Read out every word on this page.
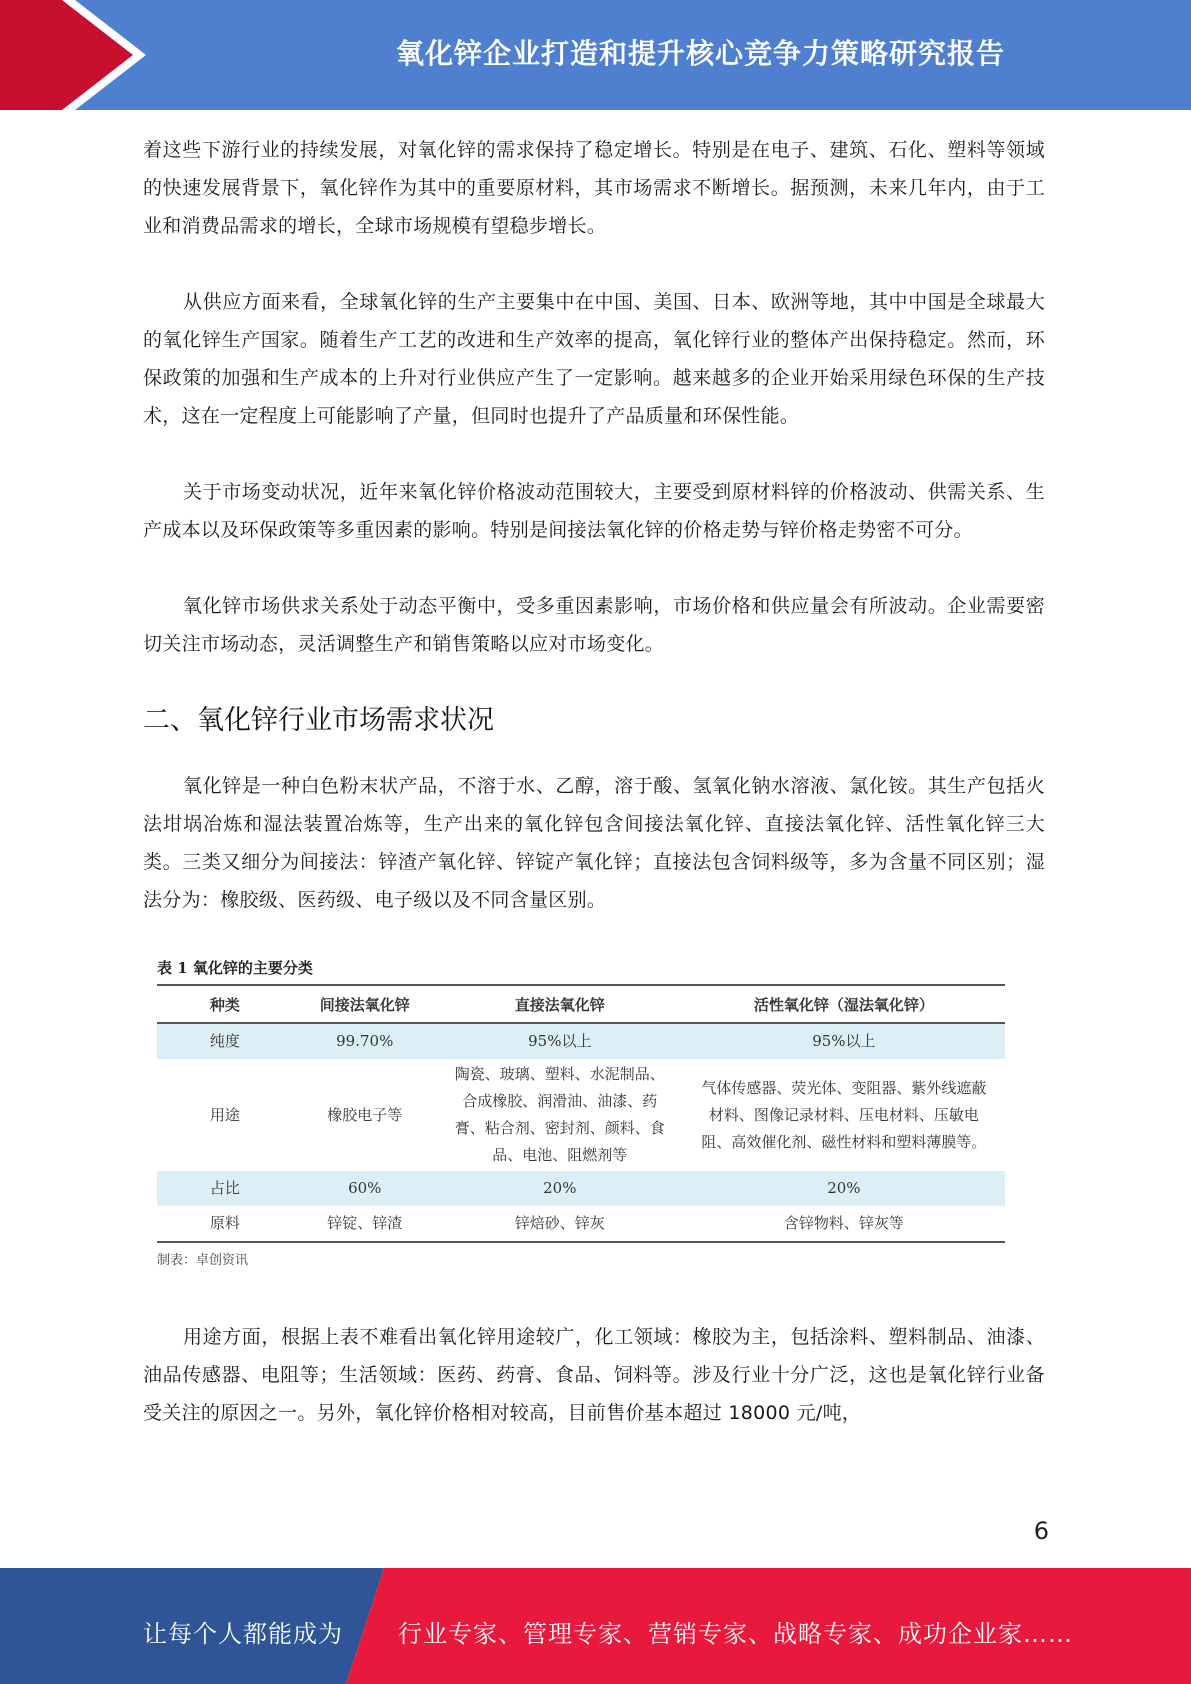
氧化锌企业打造和提升核心竞争力策略研究报告

着这些下游行业的持续发展，对氧化锌的需求保持了稳定增长。特别是在电子、建筑、石化、塑料等领域的快速发展背景下，氧化锌作为其中的重要原材料，其市场需求不断增长。据预测，未来几年内，由于工业和消费品需求的增长，全球市场规模有望稳步增长。

从供应方面来看，全球氧化锌的生产主要集中在中国、美国、日本、欧洲等地，其中中国是全球最大的氧化锌生产国家。随着生产工艺的改进和生产效率的提高，氧化锌行业的整体产出保持稳定。然而，环保政策的加强和生产成本的上升对行业供应产生了一定影响。越来越多的企业开始采用绿色环保的生产技术，这在一定程度上可能影响了产量，但同时也提升了产品质量和环保性能。

关于市场变动状况，近年来氧化锌价格波动范围较大，主要受到原材料锌的价格波动、供需关系、生产成本以及环保政策等多重因素的影响。特别是间接法氧化锌的价格走势与锌价格走势密不可分。

氧化锌市场供求关系处于动态平衡中，受多重因素影响，市场价格和供应量会有所波动。企业需要密切关注市场动态，灵活调整生产和销售策略以应对市场变化。

二、氧化锌行业市场需求状况

氧化锌是一种白色粉末状产品，不溶于水、乙醇，溶于酸、氢氧化钠水溶液、氯化铵。其生产包括火法坩埚冶炼和湿法装置冶炼等，生产出来的氧化锌包含间接法氧化锌、直接法氧化锌、活性氧化锌三大类。三类又细分为间接法：锌渣产氧化锌、锌锭产氧化锌；直接法包含饲料级等，多为含量不同区别；湿法分为：橡胶级、医药级、电子级以及不同含量区别。

表 1 氧化锌的主要分类
种类	间接法氧化锌	直接法氧化锌	活性氧化锌（湿法氧化锌）
纯度	99.70%	95%以上	95%以上
用途	橡胶电子等	陶瓷、玻璃、塑料、水泥制品、合成橡胶、润滑油、油漆、药膏、粘合剂、密封剂、颜料、食品、电池、阻燃剂等	气体传感器、荧光体、变阻器、紫外线遮蔽材料、图像记录材料、压电材料、压敏电阻、高效催化剂、磁性材料和塑料薄膜等。
占比	60%	20%	20%
原料	锌锭、锌渣	锌焙砂、锌灰	含锌物料、锌灰等
制表：卓创资讯

用途方面，根据上表不难看出氧化锌用途较广，化工领域：橡胶为主，包括涂料、塑料制品、油漆、油品传感器、电阻等；生活领域：医药、药膏、食品、饲料等。涉及行业十分广泛，这也是氧化锌行业备受关注的原因之一。另外，氧化锌价格相对较高，目前售价基本超过 18000 元/吨，

6
让每个人都能成为 行业专家、管理专家、营销专家、战略专家、成功企业家……
